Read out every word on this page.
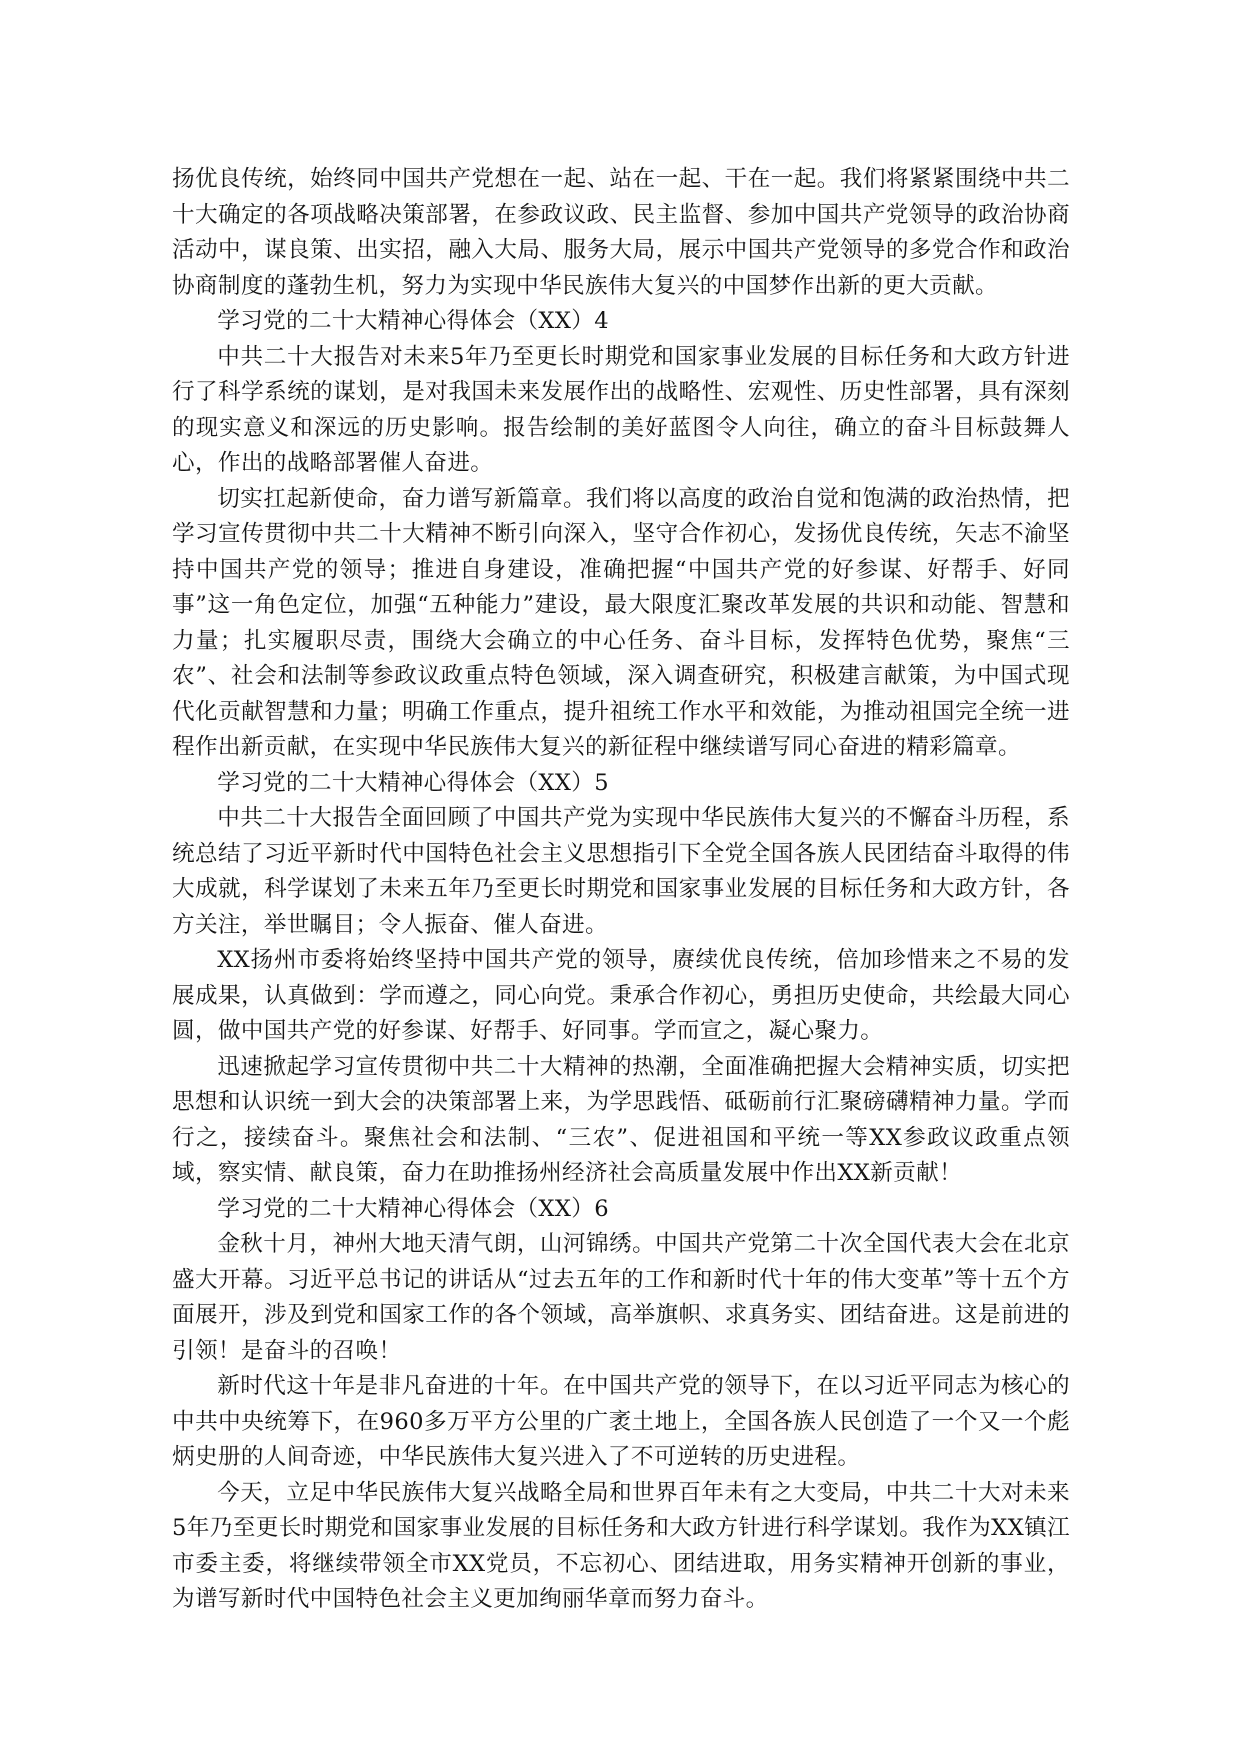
扬优良传统，始终同中国共产党想在一起、站在一起、干在一起。我们将紧紧围绕中共二十大确定的各项战略决策部署，在参政议政、民主监督、参加中国共产党领导的政治协商活动中，谋良策、出实招，融入大局、服务大局，展示中国共产党领导的多党合作和政治协商制度的蓬勃生机，努力为实现中华民族伟大复兴的中国梦作出新的更大贡献。

学习党的二十大精神心得体会（XX）4

中共二十大报告对未来5年乃至更长时期党和国家事业发展的目标任务和大政方针进行了科学系统的谋划，是对我国未来发展作出的战略性、宏观性、历史性部署，具有深刻的现实意义和深远的历史影响。报告绘制的美好蓝图令人向往，确立的奋斗目标鼓舞人心，作出的战略部署催人奋进。

切实扛起新使命，奋力谱写新篇章。我们将以高度的政治自觉和饱满的政治热情，把学习宣传贯彻中共二十大精神不断引向深入，坚守合作初心，发扬优良传统，矢志不渝坚持中国共产党的领导；推进自身建设，准确把握“中国共产党的好参谋、好帮手、好同事”这一角色定位，加强“五种能力”建设，最大限度汇聚改革发展的共识和动能、智慧和力量；扎实履职尽责，围绕大会确立的中心任务、奋斗目标，发挥特色优势，聚焦“三农”、社会和法制等参政议政重点特色领域，深入调查研究，积极建言献策，为中国式现代化贡献智慧和力量；明确工作重点，提升祖统工作水平和效能，为推动祖国完全统一进程作出新贡献，在实现中华民族伟大复兴的新征程中继续谱写同心奋进的精彩篇章。

学习党的二十大精神心得体会（XX）5

中共二十大报告全面回顾了中国共产党为实现中华民族伟大复兴的不懈奋斗历程，系统总结了习近平新时代中国特色社会主义思想指引下全党全国各族人民团结奋斗取得的伟大成就，科学谋划了未来五年乃至更长时期党和国家事业发展的目标任务和大政方针，各方关注，举世瞩目；令人振奋、催人奋进。

XX扬州市委将始终坚持中国共产党的领导，赓续优良传统，倍加珍惜来之不易的发展成果，认真做到：学而遵之，同心向党。秉承合作初心，勇担历史使命，共绘最大同心圆，做中国共产党的好参谋、好帮手、好同事。学而宣之，凝心聚力。

迅速掀起学习宣传贯彻中共二十大精神的热潮，全面准确把握大会精神实质，切实把思想和认识统一到大会的决策部署上来，为学思践悟、砥砺前行汇聚磅礴精神力量。学而行之，接续奋斗。聚焦社会和法制、“三农”、促进祖国和平统一等XX参政议政重点领域，察实情、献良策，奋力在助推扬州经济社会高质量发展中作出XX新贡献！

学习党的二十大精神心得体会（XX）6

金秋十月，神州大地天清气朗，山河锦绣。中国共产党第二十次全国代表大会在北京盛大开幕。习近平总书记的讲话从“过去五年的工作和新时代十年的伟大变革”等十五个方面展开，涉及到党和国家工作的各个领域，高举旗帜、求真务实、团结奋进。这是前进的引领！是奋斗的召唤！

新时代这十年是非凡奋进的十年。在中国共产党的领导下，在以习近平同志为核心的中共中央统筹下，在960多万平方公里的广袤土地上，全国各族人民创造了一个又一个彪炳史册的人间奇迹，中华民族伟大复兴进入了不可逆转的历史进程。

今天，立足中华民族伟大复兴战略全局和世界百年未有之大变局，中共二十大对未来5年乃至更长时期党和国家事业发展的目标任务和大政方针进行科学谋划。我作为XX镇江市委主委，将继续带领全市XX党员，不忘初心、团结进取，用务实精神开创新的事业，为谱写新时代中国特色社会主义更加绚丽华章而努力奋斗。
